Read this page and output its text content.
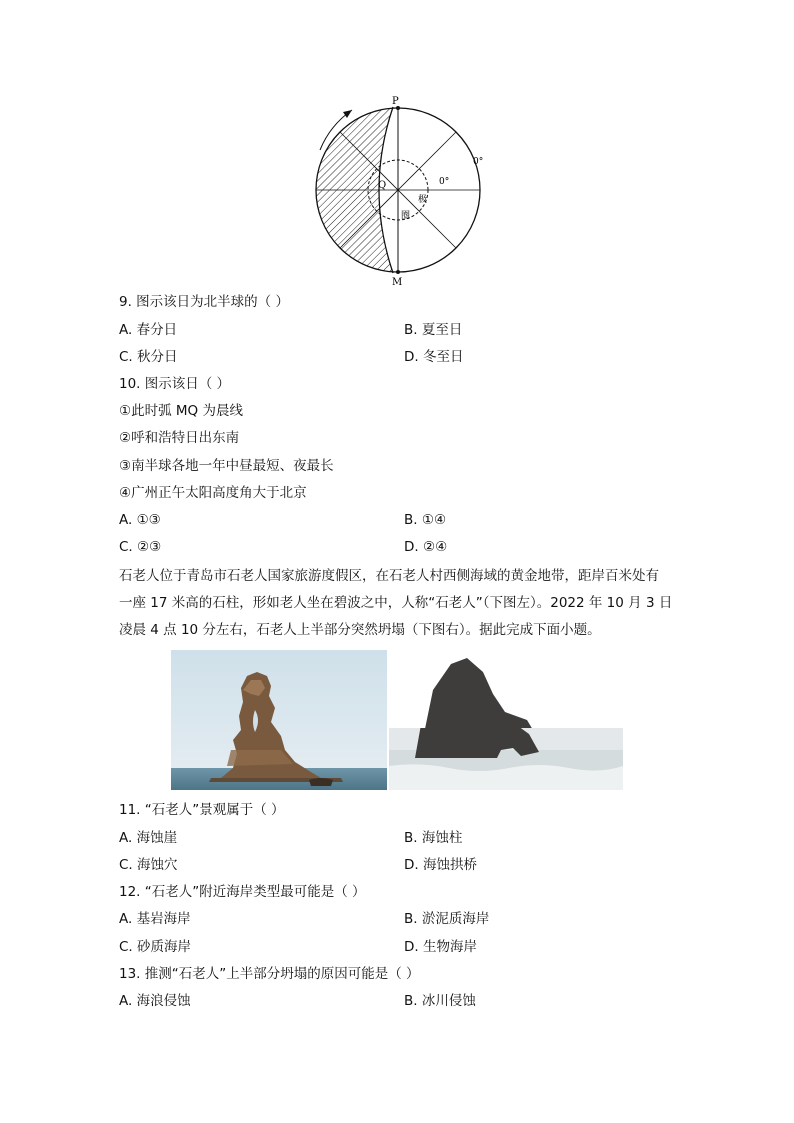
P
M
Q
0°
0°
极
圈
9. 图示该日为北半球的（ ）
A. 春分日	B. 夏至日
C. 秋分日	D. 冬至日
10. 图示该日（ ）
①此时弧 MQ 为晨线
②呼和浩特日出东南
③南半球各地一年中昼最短、夜最长
④广州正午太阳高度角大于北京
A. ①③	B. ①④
C. ②③	D. ②④
石老人位于青岛市石老人国家旅游度假区，在石老人村西侧海域的黄金地带，距岸百米处有
一座 17 米高的石柱，形如老人坐在碧波之中，人称“石老人”（下图左）。2022 年 10 月 3 日
凌晨 4 点 10 分左右，石老人上半部分突然坍塌（下图右）。据此完成下面小题。
11. “石老人”景观属于（ ）
A. 海蚀崖	B. 海蚀柱
C. 海蚀穴	D. 海蚀拱桥
12. “石老人”附近海岸类型最可能是（ ）
A. 基岩海岸	B. 淤泥质海岸
C. 砂质海岸	D. 生物海岸
13. 推测“石老人”上半部分坍塌的原因可能是（ ）
A. 海浪侵蚀	B. 冰川侵蚀
